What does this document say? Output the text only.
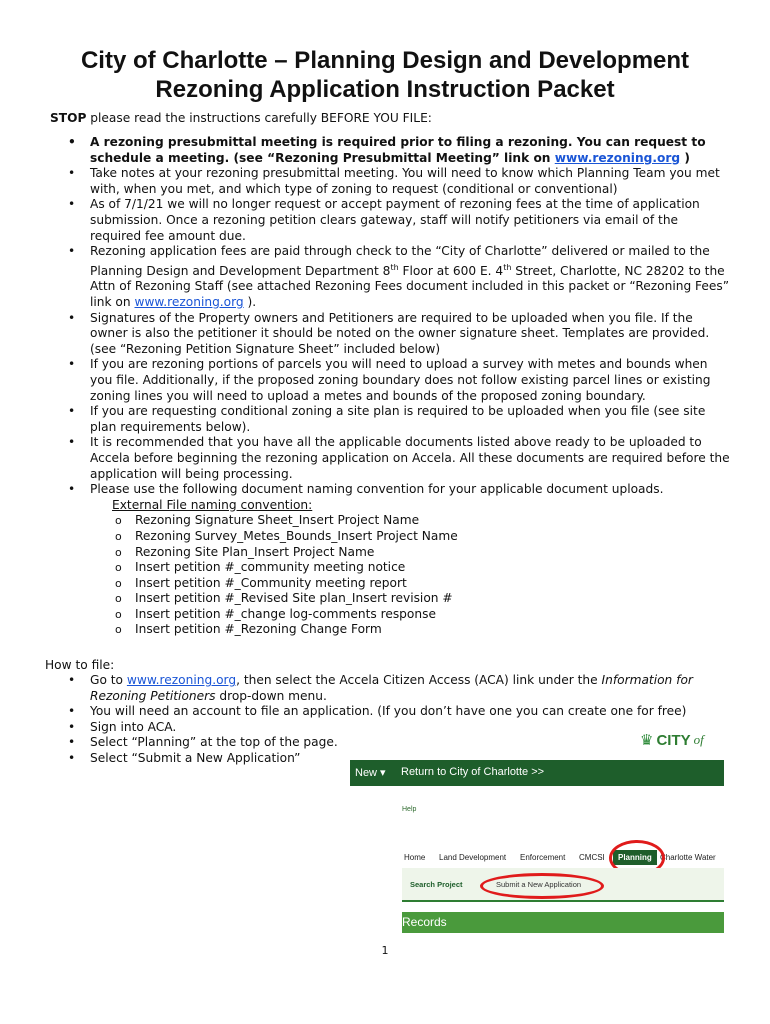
City of Charlotte – Planning Design and Development
Rezoning Application Instruction Packet
STOP please read the instructions carefully BEFORE YOU FILE:
• A rezoning presubmittal meeting is required prior to filing a rezoning. You can request to schedule a meeting. (see “Rezoning Presubmittal Meeting” link on www.rezoning.org )
• Take notes at your rezoning presubmittal meeting. You will need to know which Planning Team you met with, when you met, and which type of zoning to request (conditional or conventional)
• As of 7/1/21 we will no longer request or accept payment of rezoning fees at the time of application submission. Once a rezoning petition clears gateway, staff will notify petitioners via email of the required fee amount due.
• Rezoning application fees are paid through check to the “City of Charlotte” delivered or mailed to the Planning Design and Development Department 8th Floor at 600 E. 4th Street, Charlotte, NC 28202 to the Attn of Rezoning Staff (see attached Rezoning Fees document included in this packet or “Rezoning Fees” link on www.rezoning.org ).
• Signatures of the Property owners and Petitioners are required to be uploaded when you file. If the owner is also the petitioner it should be noted on the owner signature sheet. Templates are provided. (see “Rezoning Petition Signature Sheet” included below)
• If you are rezoning portions of parcels you will need to upload a survey with metes and bounds when you file. Additionally, if the proposed zoning boundary does not follow existing parcel lines or existing zoning lines you will need to upload a metes and bounds of the proposed zoning boundary.
• If you are requesting conditional zoning a site plan is required to be uploaded when you file (see site plan requirements below).
• It is recommended that you have all the applicable documents listed above ready to be uploaded to Accela before beginning the rezoning application on Accela. All these documents are required before the application will being processing.
• Please use the following document naming convention for your applicable document uploads.
External File naming convention:
o Rezoning Signature Sheet_Insert Project Name
o Rezoning Survey_Metes_Bounds_Insert Project Name
o Rezoning Site Plan_Insert Project Name
o Insert petition #_community meeting notice
o Insert petition #_Community meeting report
o Insert petition #_Revised Site plan_Insert revision #
o Insert petition #_change log-comments response
o Insert petition #_Rezoning Change Form
How to file:
• Go to www.rezoning.org, then select the Accela Citizen Access (ACA) link under the Information for Rezoning Petitioners drop-down menu.
• You will need an account to file an application. (If you don’t have one you can create one for free)
• Sign into ACA.
• Select “Planning” at the top of the page.
• Select “Submit a New Application”
♛ CITY of
New ▾ Return to City of Charlotte >>
Help
Home Land Development Enforcement CMCSI	Planning	Charlotte Water
Search Project	Submit a New Application
Records
1
